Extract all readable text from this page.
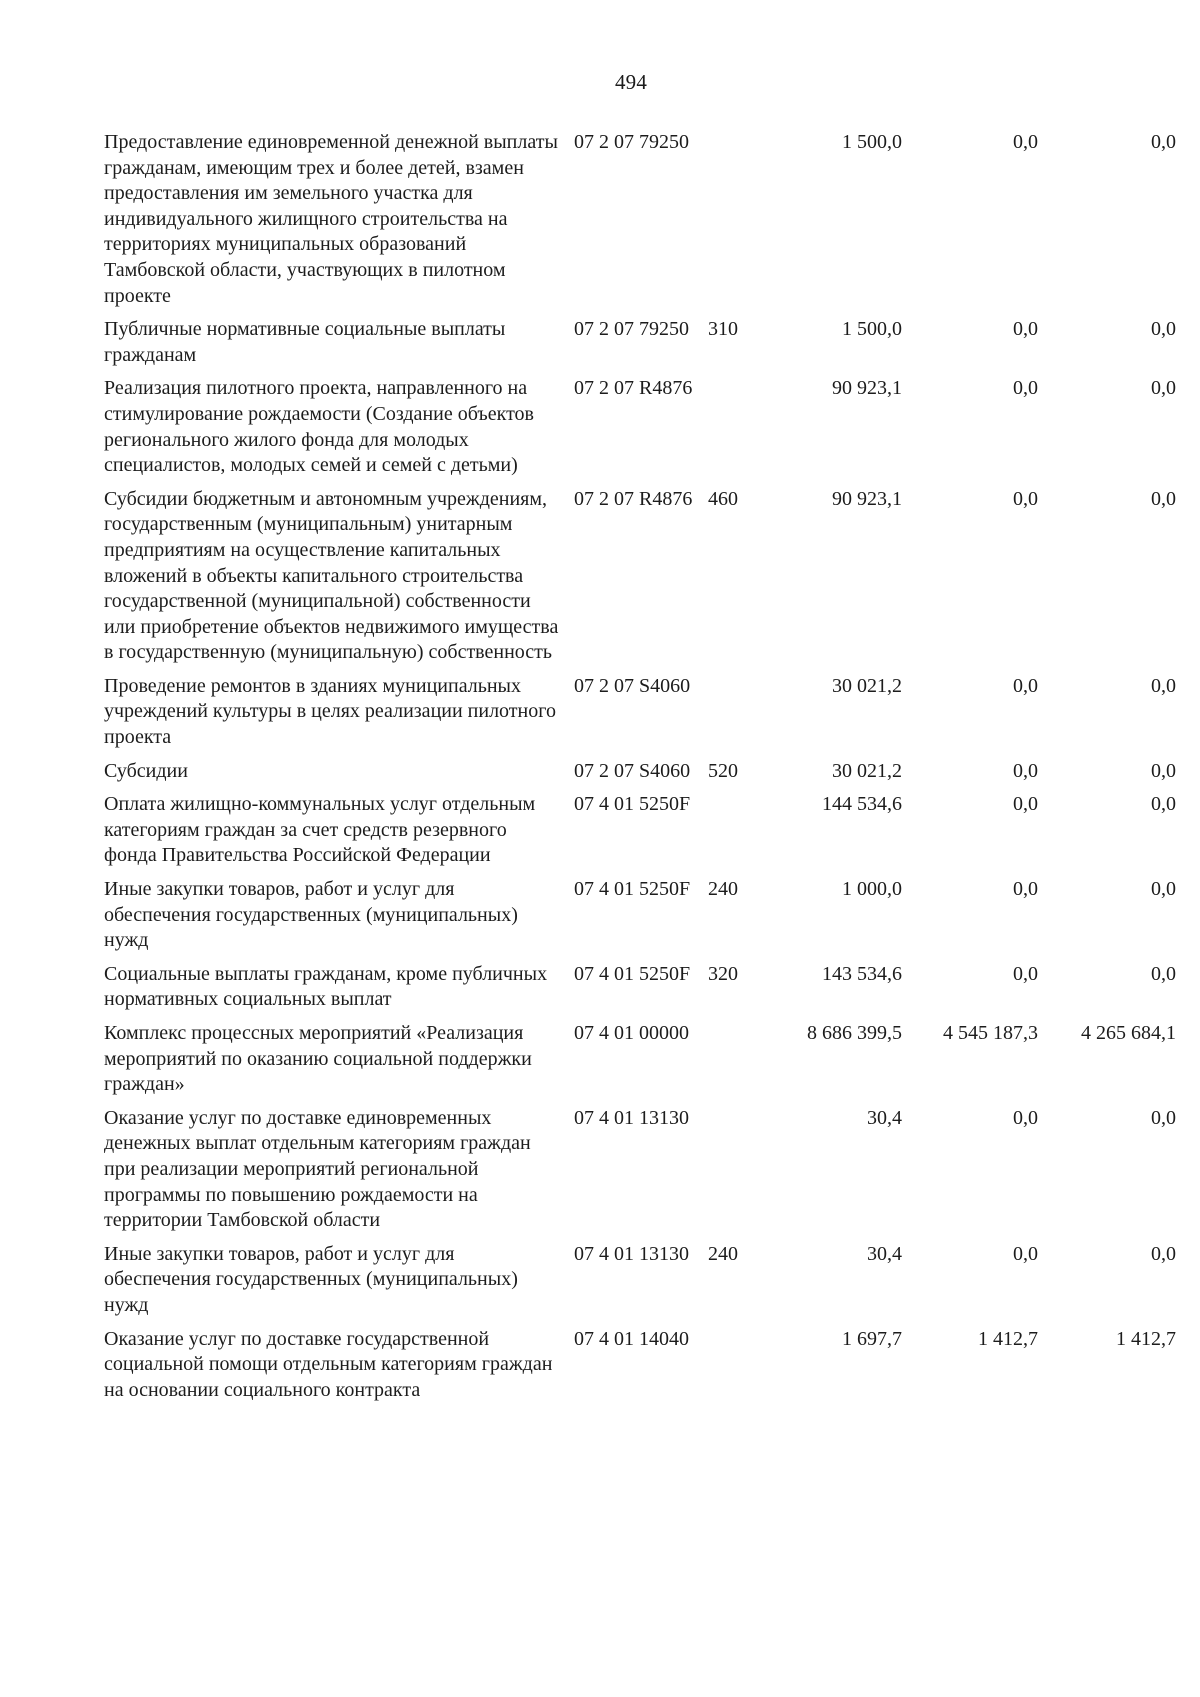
494
Предоставление единовременной денежной выплаты гражданам, имеющим трех и более детей, взамен предоставления им земельного участка для индивидуального жилищного строительства на территориях муниципальных образований Тамбовской области, участвующих в пилотном проекте
07 2 07 79250	1 500,0	0,0	0,0
Публичные нормативные социальные выплаты гражданам
07 2 07 79250 310	1 500,0	0,0	0,0
Реализация пилотного проекта, направленного на стимулирование рождаемости (Создание объектов регионального жилого фонда для молодых специалистов, молодых семей и семей с детьми)
07 2 07 R4876	90 923,1	0,0	0,0
Субсидии бюджетным и автономным учреждениям, государственным (муниципальным) унитарным предприятиям на осуществление капитальных вложений в объекты капитального строительства государственной (муниципальной) собственности или приобретение объектов недвижимого имущества в государственную (муниципальную) собственность
07 2 07 R4876 460	90 923,1	0,0	0,0
Проведение ремонтов в зданиях муниципальных учреждений культуры в целях реализации пилотного проекта
07 2 07 S4060	30 021,2	0,0	0,0
Субсидии	07 2 07 S4060 520	30 021,2	0,0	0,0
Оплата жилищно-коммунальных услуг отдельным категориям граждан за счет средств резервного фонда Правительства Российской Федерации
07 4 01 5250F	144 534,6	0,0	0,0
Иные закупки товаров, работ и услуг для обеспечения государственных (муниципальных) нужд
07 4 01 5250F 240	1 000,0	0,0	0,0
Социальные выплаты гражданам, кроме публичных нормативных социальных выплат
07 4 01 5250F 320	143 534,6	0,0	0,0
Комплекс процессных мероприятий «Реализация мероприятий по оказанию социальной поддержки граждан»
07 4 01 00000	8 686 399,5	4 545 187,3	4 265 684,1
Оказание услуг по доставке единовременных денежных выплат отдельным категориям граждан при реализации мероприятий региональной программы по повышению рождаемости на территории Тамбовской области
07 4 01 13130	30,4	0,0	0,0
Иные закупки товаров, работ и услуг для обеспечения государственных (муниципальных) нужд
07 4 01 13130 240	30,4	0,0	0,0
Оказание услуг по доставке государственной социальной помощи отдельным категориям граждан на основании социального контракта
07 4 01 14040	1 697,7	1 412,7	1 412,7
